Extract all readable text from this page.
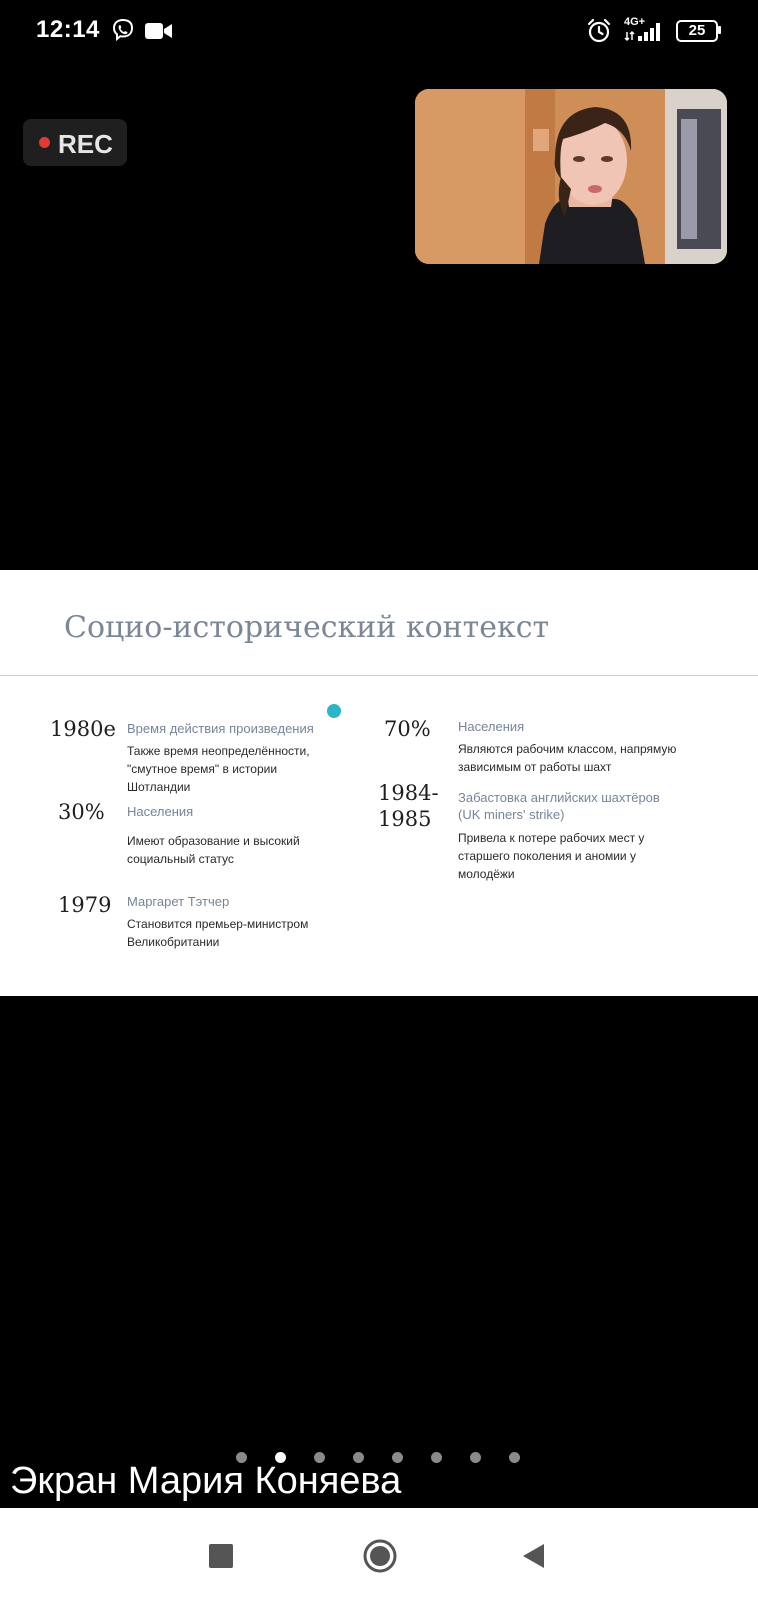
12:14	4G+	25
REC
Социо-исторический контекст
1980е Время действия произведения
Также время неопределённости, "смутное время" в истории Шотландии
30% Населения
Имеют образование и высокий социальный статус
1979 Маргарет Тэтчер
Становится премьер-министром Великобритании
70% Населения
Являются рабочим классом, напрямую зависимым от работы шахт
1984-
1985
Забастовка английских шахтёров (UK miners' strike)
Привела к потере рабочих мест у старшего поколения и аномии у молодёжи
Экран Мария Коняева
